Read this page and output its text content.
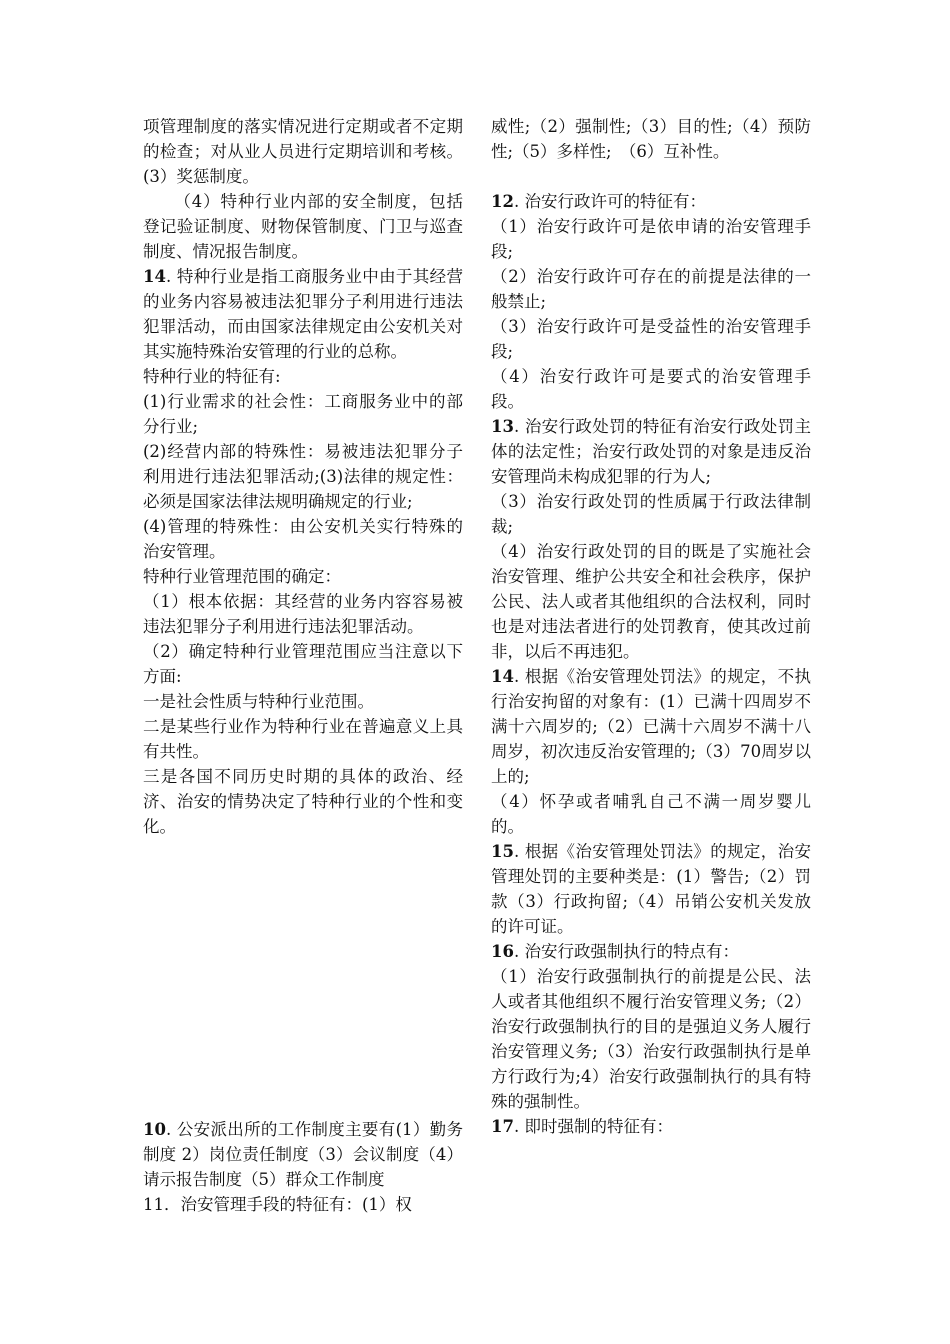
项管理制度的落实情况进行定期或者不定期的检查；对从业人员进行定期培训和考核。(3）奖惩制度。

（4）特种行业内部的安全制度，包括登记验证制度、财物保管制度、门卫与巡查制度、情况报告制度。

14. 特种行业是指工商服务业中由于其经营的业务内容易被违法犯罪分子利用进行违法犯罪活动，而由国家法律规定由公安机关对其实施特殊治安管理的行业的总称。

特种行业的特征有:

(1)行业需求的社会性：工商服务业中的部分行业;

(2)经营内部的特殊性：易被违法犯罪分子利用进行违法犯罪活动;(3)法律的规定性：必须是国家法律法规明确规定的行业;

(4)管理的特殊性：由公安机关实行特殊的治安管理。

特种行业管理范围的确定：

（1）根本依据：其经营的业务内容容易被违法犯罪分子利用进行违法犯罪活动。

（2）确定特种行业管理范围应当注意以下方面:

一是社会性质与特种行业范围。

二是某些行业作为特种行业在普遍意义上具有共性。

三是各国不同历史时期的具体的政治、经济、治安的情势决定了特种行业的个性和变化。

10. 公安派出所的工作制度主要有(1）勤务制度 2）岗位责任制度（3）会议制度（4）请示报告制度（5）群众工作制度

11．治安管理手段的特征有：(1）权

威性;（2）强制性;（3）目的性;（4）预防性;（5）多样性;　（6）互补性。

12. 治安行政许可的特征有：

（1）治安行政许可是依申请的治安管理手段;

（2）治安行政许可存在的前提是法律的一般禁止;

（3）治安行政许可是受益性的治安管理手段;

（4）治安行政许可是要式的治安管理手段。

13. 治安行政处罚的特征有治安行政处罚主体的法定性；治安行政处罚的对象是违反治安管理尚未构成犯罪的行为人;

（3）治安行政处罚的性质属于行政法律制裁;

（4）治安行政处罚的目的既是了实施社会治安管理、维护公共安全和社会秩序，保护公民、法人或者其他组织的合法权利，同时也是对违法者进行的处罚教育，使其改过前非，以后不再违犯。

14. 根据《治安管理处罚法》的规定，不执行治安拘留的对象有：(1）已满十四周岁不满十六周岁的;（2）已满十六周岁不满十八周岁，初次违反治安管理的;（3）70周岁以上的;

（4）怀孕或者哺乳自己不满一周岁婴儿的。

15. 根据《治安管理处罚法》的规定，治安管理处罚的主要种类是：(1）警告;（2）罚款（3）行政拘留;（4）吊销公安机关发放的许可证。

16. 治安行政强制执行的特点有：

（1）治安行政强制执行的前提是公民、法人或者其他组织不履行治安管理义务;（2）治安行政强制执行的目的是强迫义务人履行治安管理义务;（3）治安行政强制执行是单方行政行为;4）治安行政强制执行的具有特殊的强制性。

17. 即时强制的特征有：
